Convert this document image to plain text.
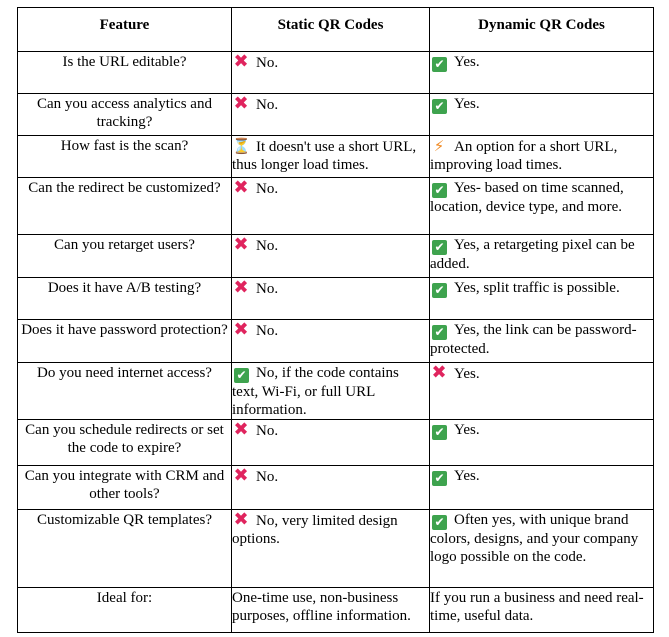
Feature	Static QR Codes	Dynamic QR Codes
Is the URL editable?	✖ No.	✔ Yes.
Can you access analytics and tracking?	✖ No.	✔ Yes.
How fast is the scan?	⏳ It doesn't use a short URL, thus longer load times.	⚡ An option for a short URL, improving load times.
Can the redirect be customized?	✖ No.	✔ Yes- based on time scanned, location, device type, and more.
Can you retarget users?	✖ No.	✔ Yes, a retargeting pixel can be added.
Does it have A/B testing?	✖ No.	✔ Yes, split traffic is possible.
Does it have password protection?	✖ No.	✔ Yes, the link can be password-protected.
Do you need internet access?	✔ No, if the code contains text, Wi-Fi, or full URL information.	✖ Yes.
Can you schedule redirects or set the code to expire?	✖ No.	✔ Yes.
Can you integrate with CRM and other tools?	✖ No.	✔ Yes.
Customizable QR templates?	✖ No, very limited design options.	✔ Often yes, with unique brand colors, designs, and your company logo possible on the code.
Ideal for:	One-time use, non-business purposes, offline information.	If you run a business and need real-time, useful data.
